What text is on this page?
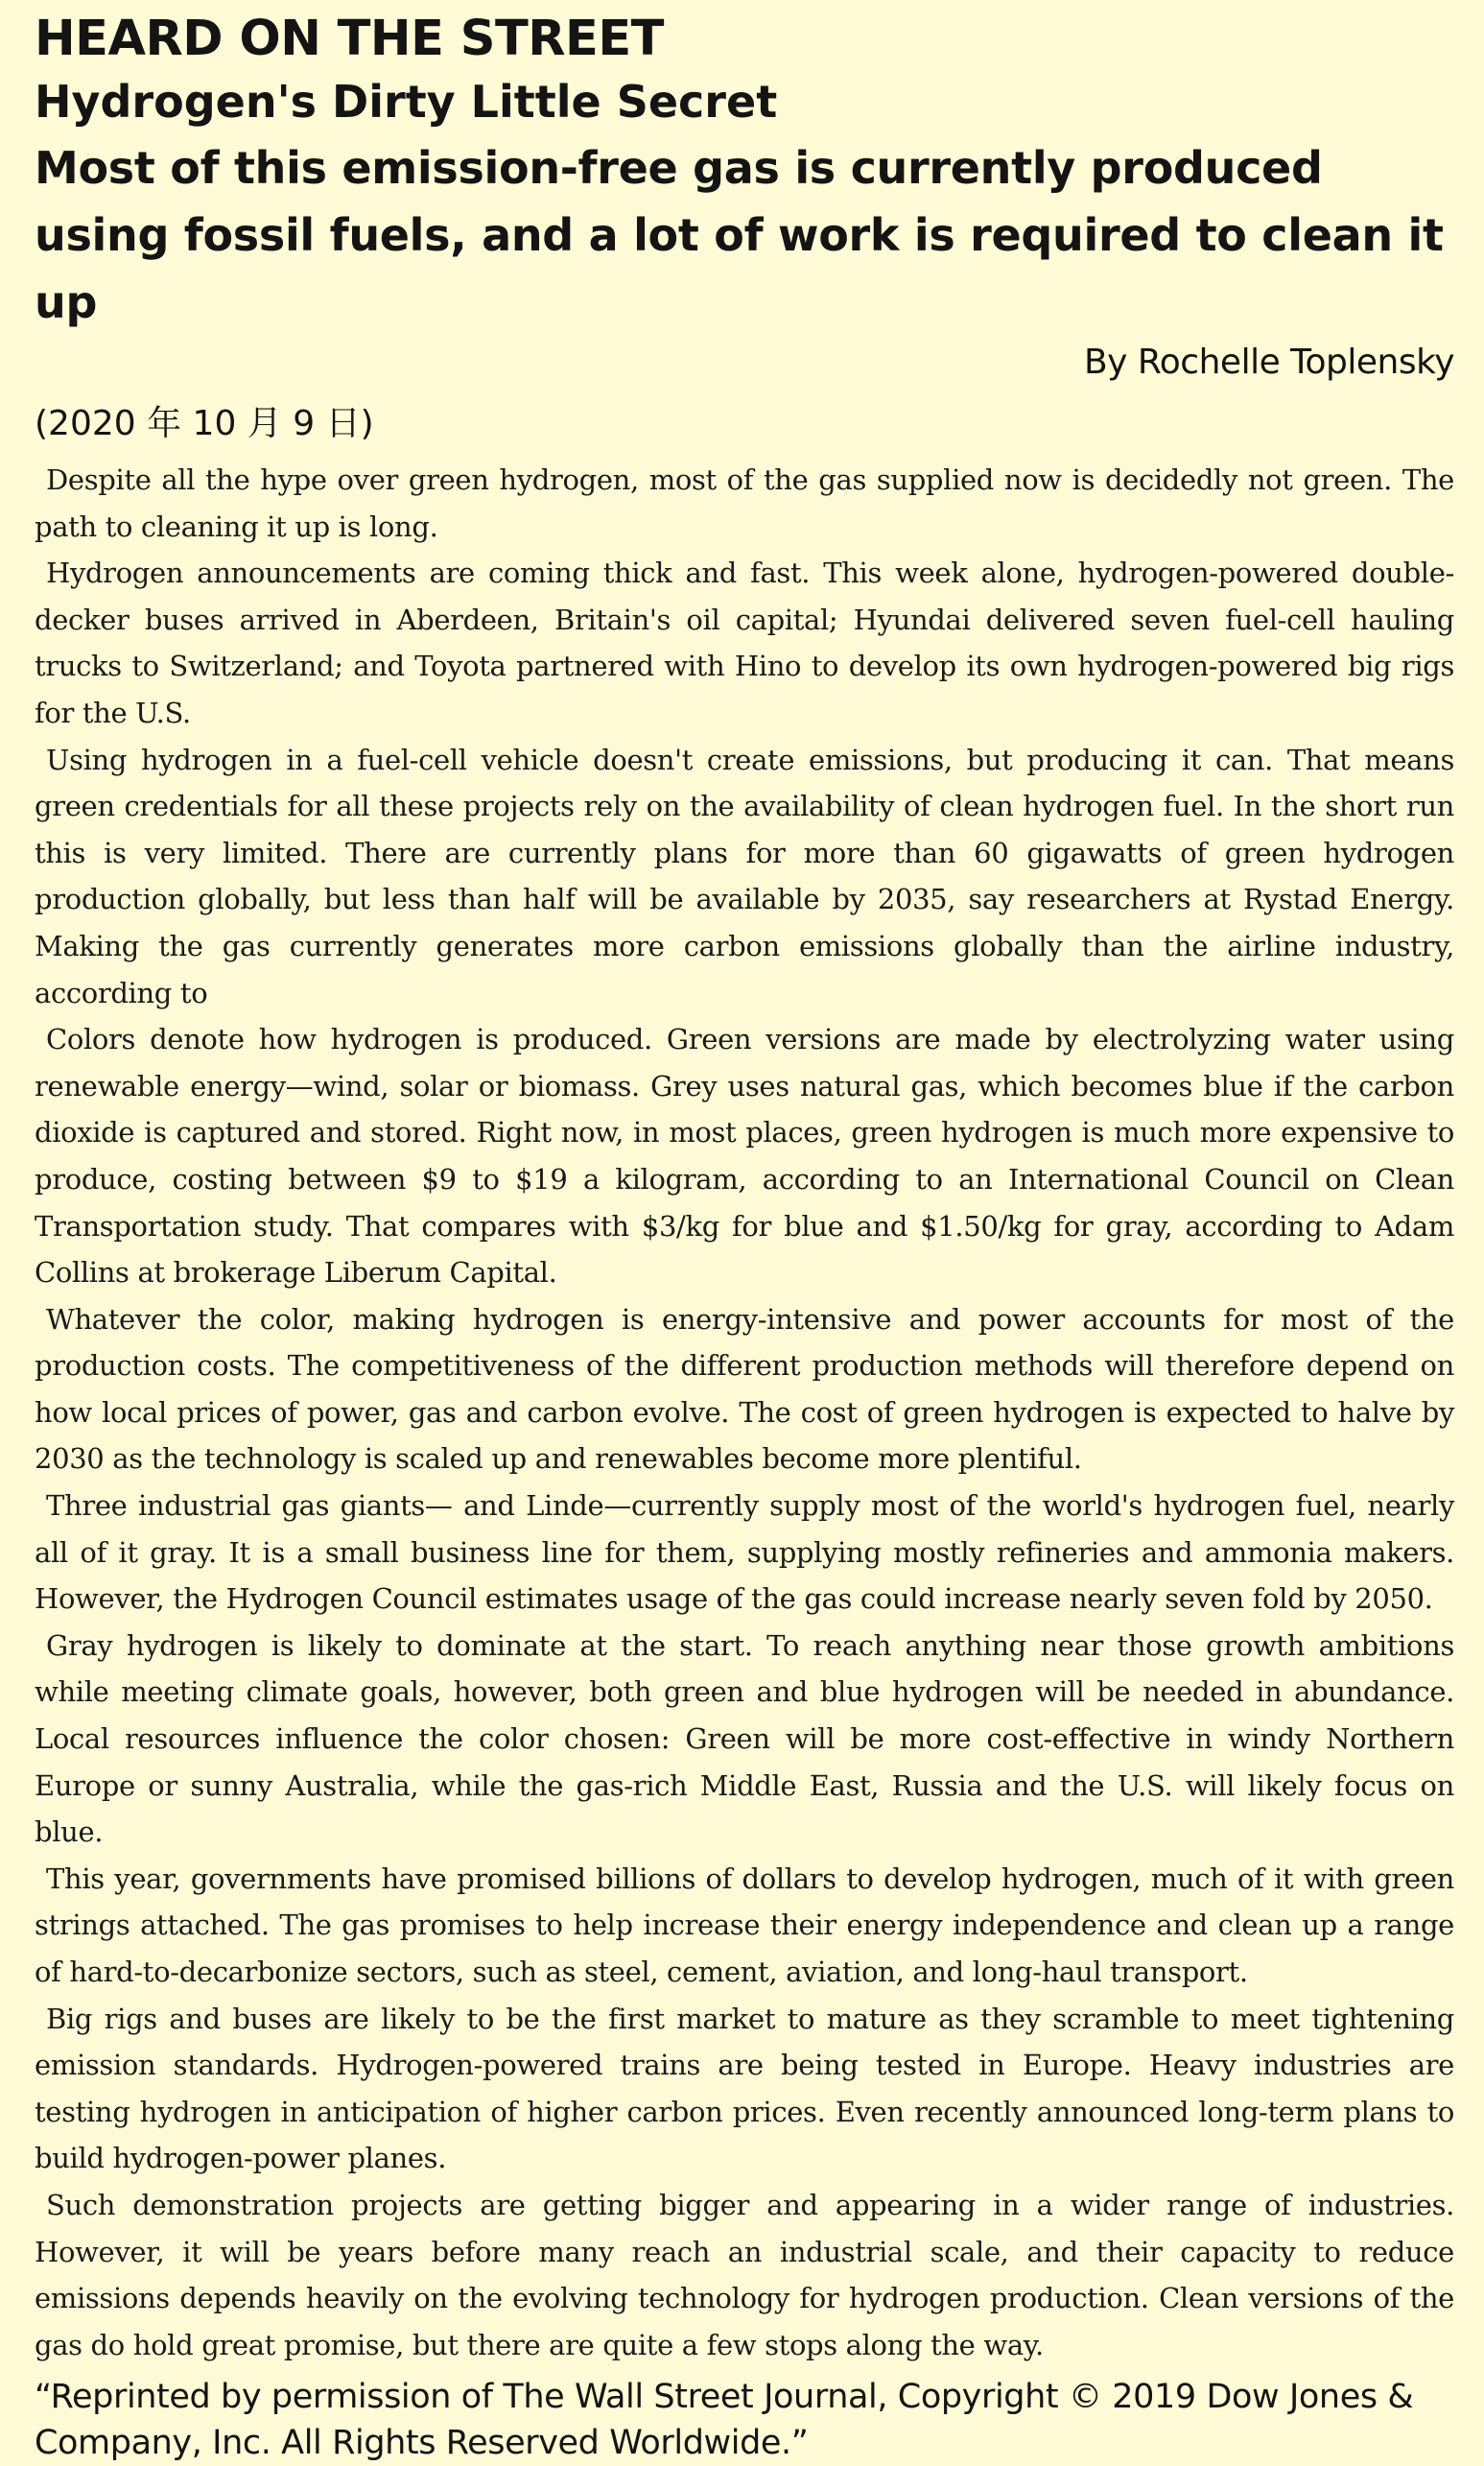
HEARD ON THE STREET
Hydrogen's Dirty Little Secret
Most of this emission-free gas is currently produced using fossil fuels, and a lot of work is required to clean it up

By Rochelle Toplensky

(2020 年 10 月 9 日)

Despite all the hype over green hydrogen, most of the gas supplied now is decidedly not green. The path to cleaning it up is long.

Hydrogen announcements are coming thick and fast. This week alone, hydrogen-powered double-decker buses arrived in Aberdeen, Britain's oil capital; Hyundai delivered seven fuel-cell hauling trucks to Switzerland; and Toyota partnered with Hino to develop its own hydrogen-powered big rigs for the U.S.

Using hydrogen in a fuel-cell vehicle doesn't create emissions, but producing it can. That means green credentials for all these projects rely on the availability of clean hydrogen fuel. In the short run this is very limited. There are currently plans for more than 60 gigawatts of green hydrogen production globally, but less than half will be available by 2035, say researchers at Rystad Energy. Making the gas currently generates more carbon emissions globally than the airline industry, according to

Colors denote how hydrogen is produced. Green versions are made by electrolyzing water using renewable energy—wind, solar or biomass. Grey uses natural gas, which becomes blue if the carbon dioxide is captured and stored. Right now, in most places, green hydrogen is much more expensive to produce, costing between $9 to $19 a kilogram, according to an International Council on Clean Transportation study. That compares with $3/kg for blue and $1.50/kg for gray, according to Adam Collins at brokerage Liberum Capital.

Whatever the color, making hydrogen is energy-intensive and power accounts for most of the production costs. The competitiveness of the different production methods will therefore depend on how local prices of power, gas and carbon evolve. The cost of green hydrogen is expected to halve by 2030 as the technology is scaled up and renewables become more plentiful.

Three industrial gas giants— and Linde—currently supply most of the world's hydrogen fuel, nearly all of it gray. It is a small business line for them, supplying mostly refineries and ammonia makers. However, the Hydrogen Council estimates usage of the gas could increase nearly seven fold by 2050.

Gray hydrogen is likely to dominate at the start. To reach anything near those growth ambitions while meeting climate goals, however, both green and blue hydrogen will be needed in abundance. Local resources influence the color chosen: Green will be more cost-effective in windy Northern Europe or sunny Australia, while the gas-rich Middle East, Russia and the U.S. will likely focus on blue.

This year, governments have promised billions of dollars to develop hydrogen, much of it with green strings attached. The gas promises to help increase their energy independence and clean up a range of hard-to-decarbonize sectors, such as steel, cement, aviation, and long-haul transport.

Big rigs and buses are likely to be the first market to mature as they scramble to meet tightening emission standards. Hydrogen-powered trains are being tested in Europe. Heavy industries are testing hydrogen in anticipation of higher carbon prices. Even recently announced long-term plans to build hydrogen-power planes.

Such demonstration projects are getting bigger and appearing in a wider range of industries. However, it will be years before many reach an industrial scale, and their capacity to reduce emissions depends heavily on the evolving technology for hydrogen production. Clean versions of the gas do hold great promise, but there are quite a few stops along the way.

“Reprinted by permission of The Wall Street Journal, Copyright © 2019 Dow Jones & Company, Inc. All Rights Reserved Worldwide.”
